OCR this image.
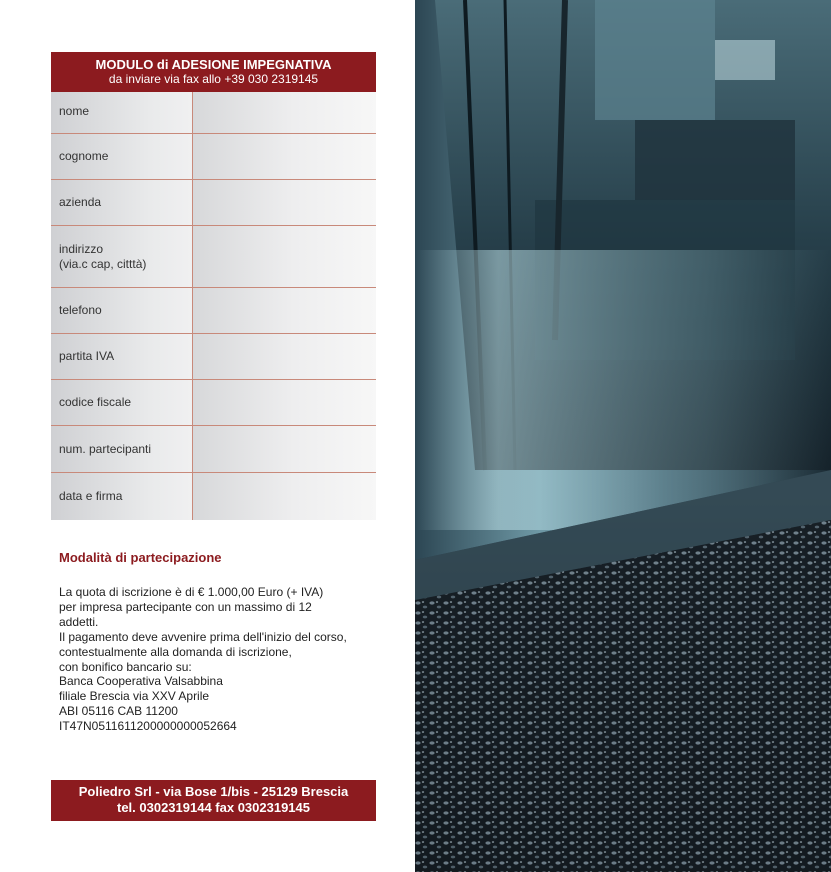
MODULO di ADESIONE IMPEGNATIVA
da inviare via fax allo +39 030 2319145
nome
cognome
azienda
indirizzo
(via.c cap, citttà)
telefono
partita IVA
codice fiscale
num. partecipanti
data e firma
Modalità di partecipazione

La quota di iscrizione è di € 1.000,00 Euro (+ IVA)

per impresa partecipante con un massimo di 12

addetti.

Il pagamento deve avvenire prima dell'inizio del corso,

contestualmente alla domanda di iscrizione,

con bonifico bancario su:

Banca Cooperativa Valsabbina

filiale Brescia via XXV Aprile

ABI 05116 CAB 11200

IT47N0511611200000000052664

Poliedro Srl - via Bose 1/bis - 25129 Brescia
tel. 0302319144 fax 0302319145
